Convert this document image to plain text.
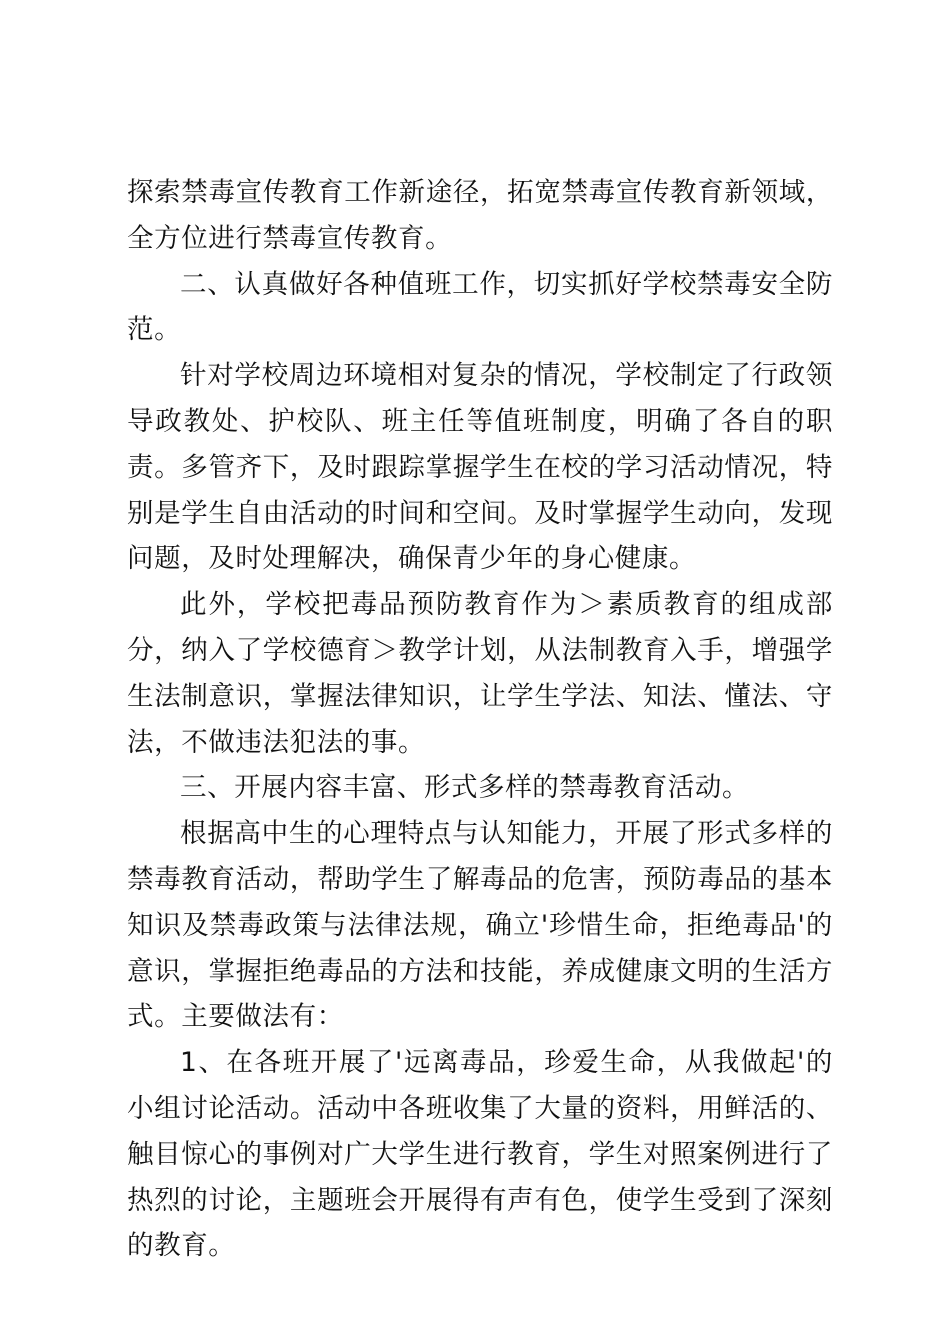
探索禁毒宣传教育工作新途径，拓宽禁毒宣传教育新领域，全方位进行禁毒宣传教育。

二、认真做好各种值班工作，切实抓好学校禁毒安全防范。

针对学校周边环境相对复杂的情况，学校制定了行政领导政教处、护校队、班主任等值班制度，明确了各自的职责。多管齐下，及时跟踪掌握学生在校的学习活动情况，特别是学生自由活动的时间和空间。及时掌握学生动向，发现问题，及时处理解决，确保青少年的身心健康。

此外，学校把毒品预防教育作为＞素质教育的组成部分，纳入了学校德育＞教学计划，从法制教育入手，增强学生法制意识，掌握法律知识，让学生学法、知法、懂法、守法，不做违法犯法的事。

三、开展内容丰富、形式多样的禁毒教育活动。

根据高中生的心理特点与认知能力，开展了形式多样的禁毒教育活动，帮助学生了解毒品的危害，预防毒品的基本知识及禁毒政策与法律法规，确立'珍惜生命，拒绝毒品'的意识，掌握拒绝毒品的方法和技能，养成健康文明的生活方式。主要做法有：

1、在各班开展了'远离毒品，珍爱生命，从我做起'的小组讨论活动。活动中各班收集了大量的资料，用鲜活的、触目惊心的事例对广大学生进行教育，学生对照案例进行了热烈的讨论，主题班会开展得有声有色，使学生受到了深刻的教育。
